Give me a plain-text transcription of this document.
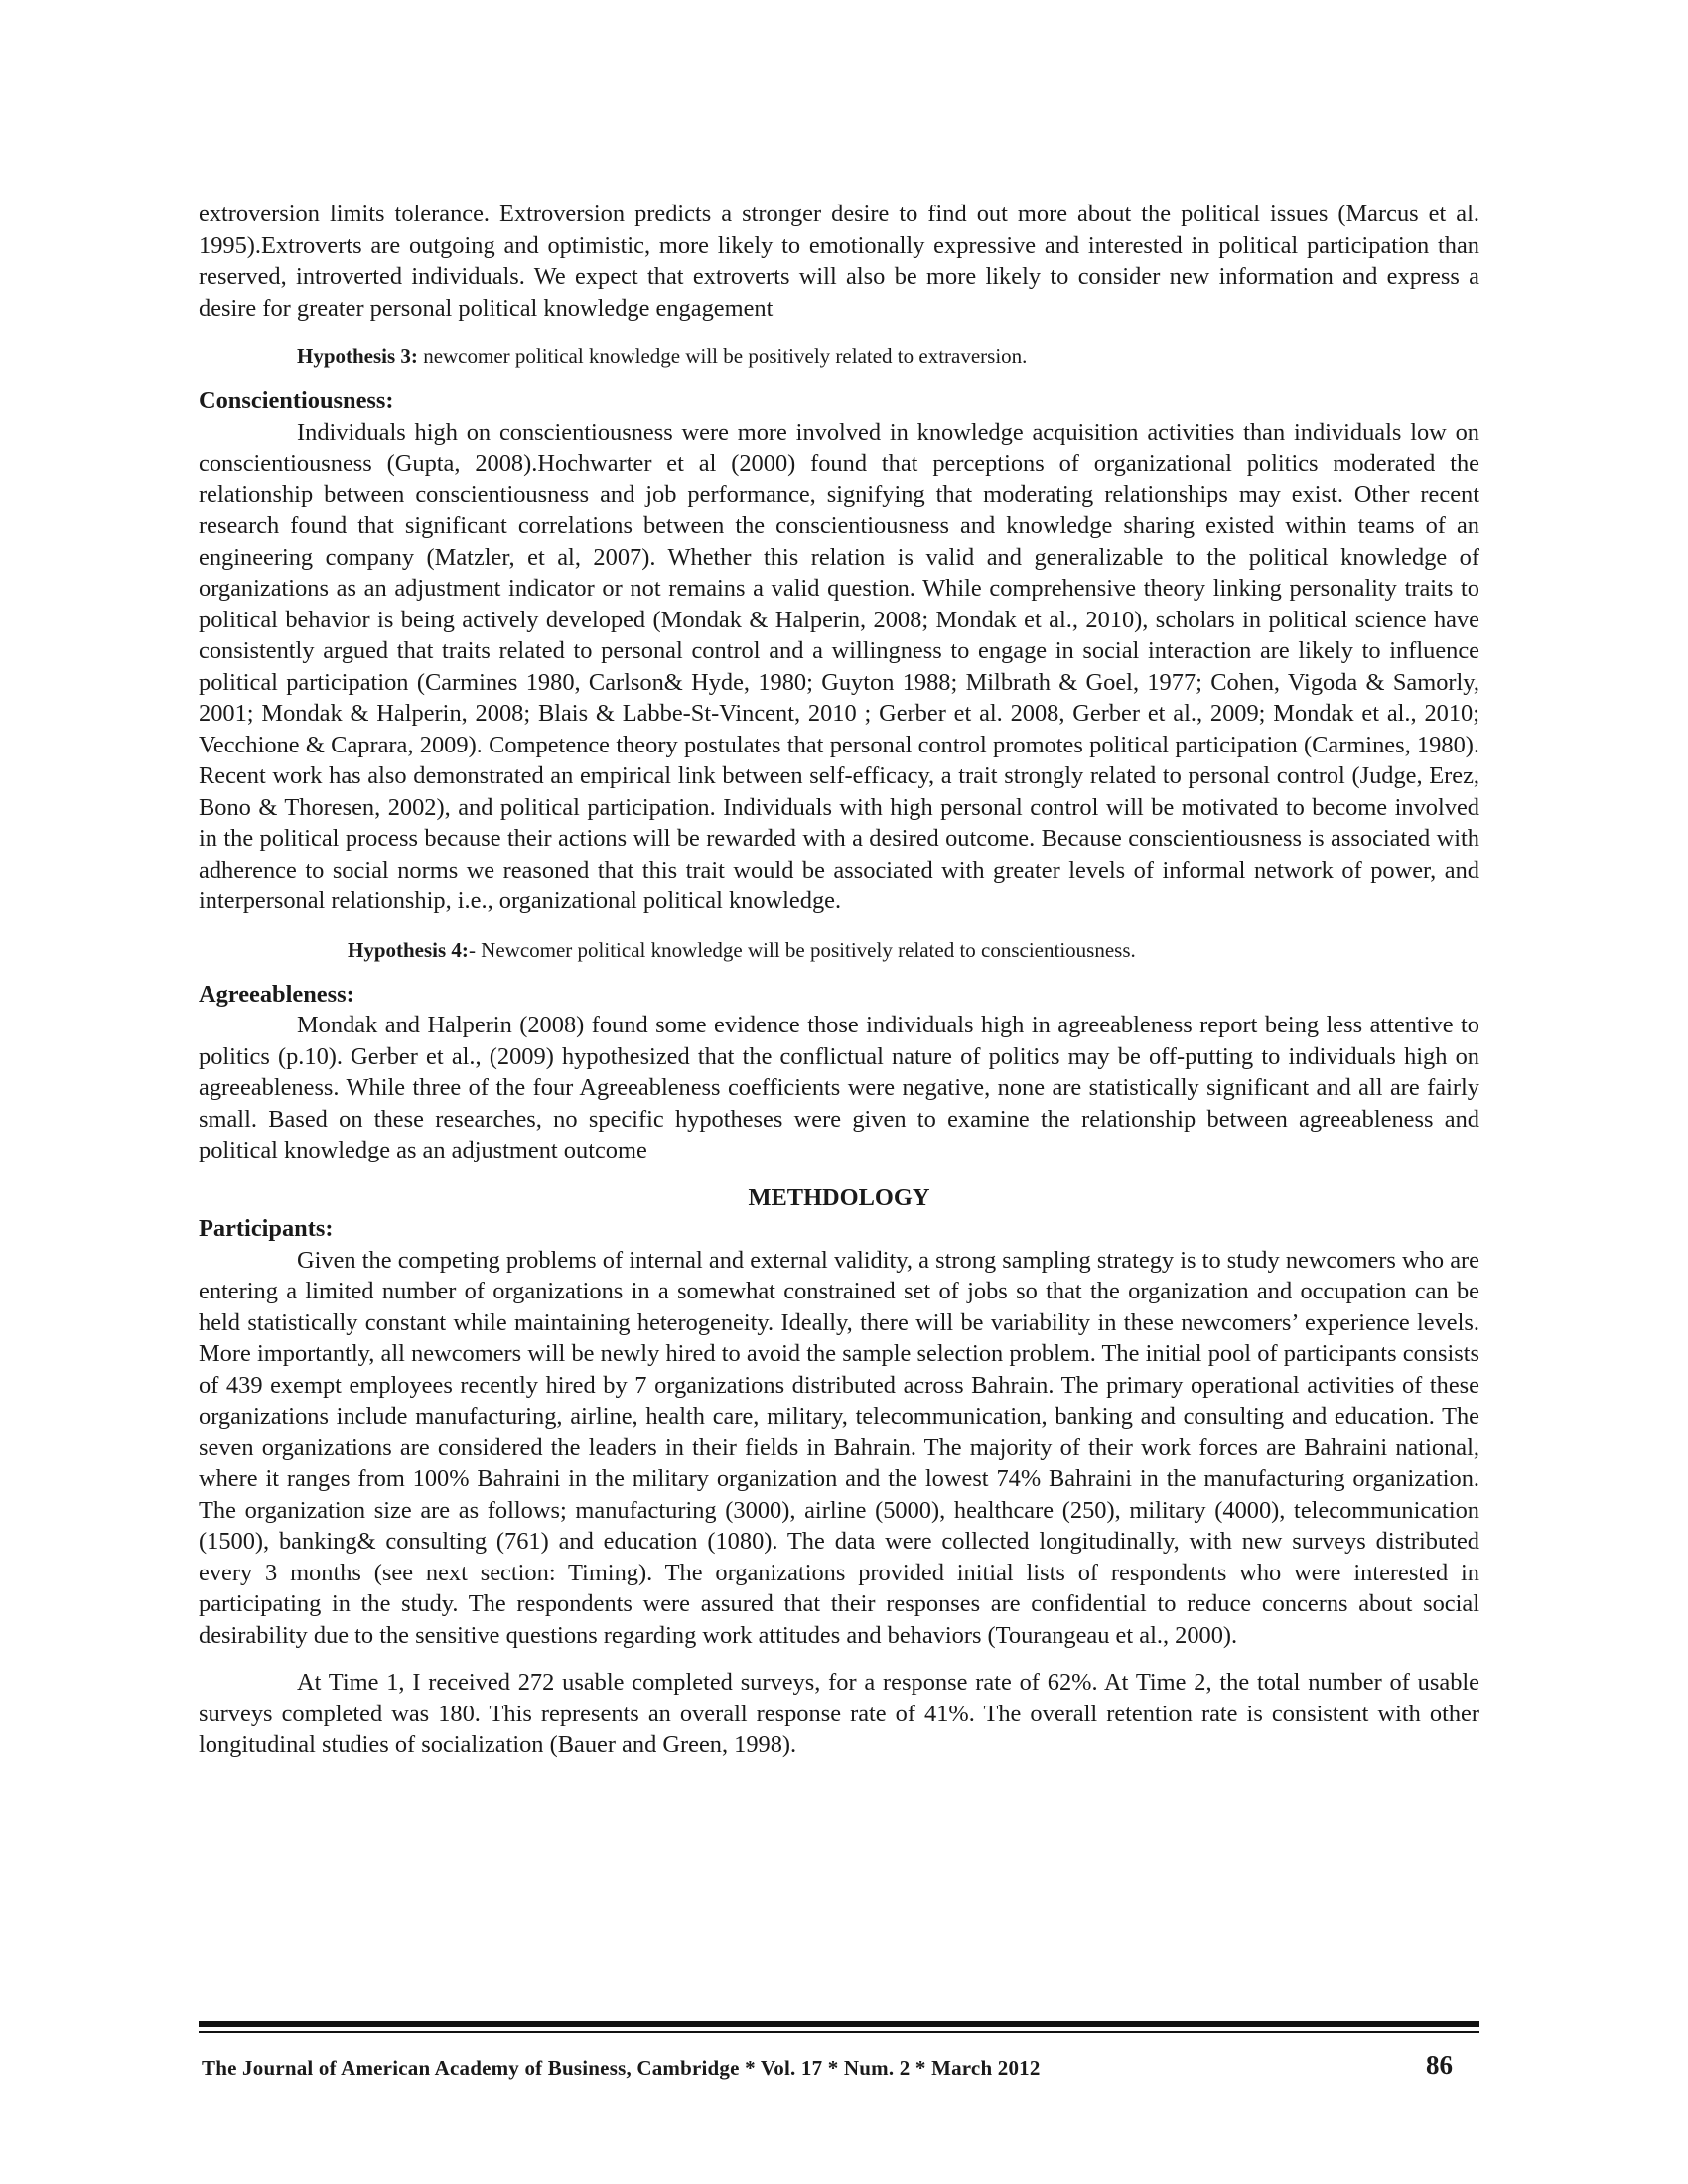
extroversion limits tolerance. Extroversion predicts a stronger desire to find out more about the political issues (Marcus et al. 1995).Extroverts are outgoing and optimistic, more likely to emotionally expressive and interested in political participation than reserved, introverted individuals. We expect that extroverts will also be more likely to consider new information and express a desire for greater personal political knowledge engagement

Hypothesis 3: newcomer political knowledge will be positively related to extraversion.

Conscientiousness:

Individuals high on conscientiousness were more involved in knowledge acquisition activities than individuals low on conscientiousness (Gupta, 2008).Hochwarter et al (2000) found that perceptions of organizational politics moderated the relationship between conscientiousness and job performance, signifying that moderating relationships may exist. Other recent research found that significant correlations between the conscientiousness and knowledge sharing existed within teams of an engineering company (Matzler, et al, 2007). Whether this relation is valid and generalizable to the political knowledge of organizations as an adjustment indicator or not remains a valid question. While comprehensive theory linking personality traits to political behavior is being actively developed (Mondak & Halperin, 2008; Mondak et al., 2010), scholars in political science have consistently argued that traits related to personal control and a willingness to engage in social interaction are likely to influence political participation (Carmines 1980, Carlson& Hyde, 1980; Guyton 1988; Milbrath & Goel, 1977; Cohen, Vigoda & Samorly, 2001; Mondak & Halperin, 2008; Blais & Labbe-St-Vincent, 2010 ; Gerber et al. 2008, Gerber et al., 2009; Mondak et al., 2010; Vecchione & Caprara, 2009). Competence theory postulates that personal control promotes political participation (Carmines, 1980). Recent work has also demonstrated an empirical link between self-efficacy, a trait strongly related to personal control (Judge, Erez, Bono & Thoresen, 2002), and political participation. Individuals with high personal control will be motivated to become involved in the political process because their actions will be rewarded with a desired outcome. Because conscientiousness is associated with adherence to social norms we reasoned that this trait would be associated with greater levels of informal network of power, and interpersonal relationship, i.e., organizational political knowledge.

Hypothesis 4:- Newcomer political knowledge will be positively related to conscientiousness.

Agreeableness:

Mondak and Halperin (2008) found some evidence those individuals high in agreeableness report being less attentive to politics (p.10). Gerber et al., (2009) hypothesized that the conflictual nature of politics may be off-putting to individuals high on agreeableness. While three of the four Agreeableness coefficients were negative, none are statistically significant and all are fairly small. Based on these researches, no specific hypotheses were given to examine the relationship between agreeableness and political knowledge as an adjustment outcome

METHDOLOGY
Participants:

Given the competing problems of internal and external validity, a strong sampling strategy is to study newcomers who are entering a limited number of organizations in a somewhat constrained set of jobs so that the organization and occupation can be held statistically constant while maintaining heterogeneity. Ideally, there will be variability in these newcomers’ experience levels. More importantly, all newcomers will be newly hired to avoid the sample selection problem. The initial pool of participants consists of 439 exempt employees recently hired by 7 organizations distributed across Bahrain. The primary operational activities of these organizations include manufacturing, airline, health care, military, telecommunication, banking and consulting and education. The seven organizations are considered the leaders in their fields in Bahrain. The majority of their work forces are Bahraini national, where it ranges from 100% Bahraini in the military organization and the lowest 74% Bahraini in the manufacturing organization. The organization size are as follows; manufacturing (3000), airline (5000), healthcare (250), military (4000), telecommunication (1500), banking& consulting (761) and education (1080). The data were collected longitudinally, with new surveys distributed every 3 months (see next section: Timing). The organizations provided initial lists of respondents who were interested in participating in the study. The respondents were assured that their responses are confidential to reduce concerns about social desirability due to the sensitive questions regarding work attitudes and behaviors (Tourangeau et al., 2000).

At Time 1, I received 272 usable completed surveys, for a response rate of 62%. At Time 2, the total number of usable surveys completed was 180. This represents an overall response rate of 41%. The overall retention rate is consistent with other longitudinal studies of socialization (Bauer and Green, 1998).

The Journal of American Academy of Business, Cambridge * Vol. 17 * Num. 2 * March 2012	86
